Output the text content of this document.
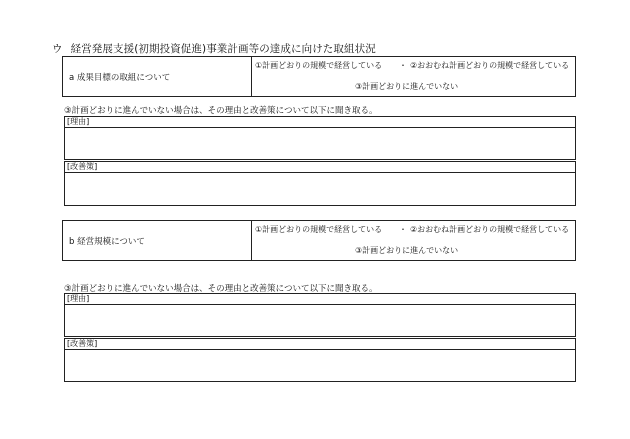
ウ 経営発展支援(初期投資促進)事業計画等の達成に向けた取組状況
a 成果目標の取組について
①計画どおりの規模で経営している ・ ②おおむね計画どおりの規模で経営している
③計画どおりに進んでいない
③計画どおりに進んでいない場合は、その理由と改善策について以下に聞き取る。
[理由]
[改善策]
b 経営規模について
①計画どおりの規模で経営している ・ ②おおむね計画どおりの規模で経営している
③計画どおりに進んでいない
③計画どおりに進んでいない場合は、その理由と改善策について以下に聞き取る。
[理由]
[改善策]
